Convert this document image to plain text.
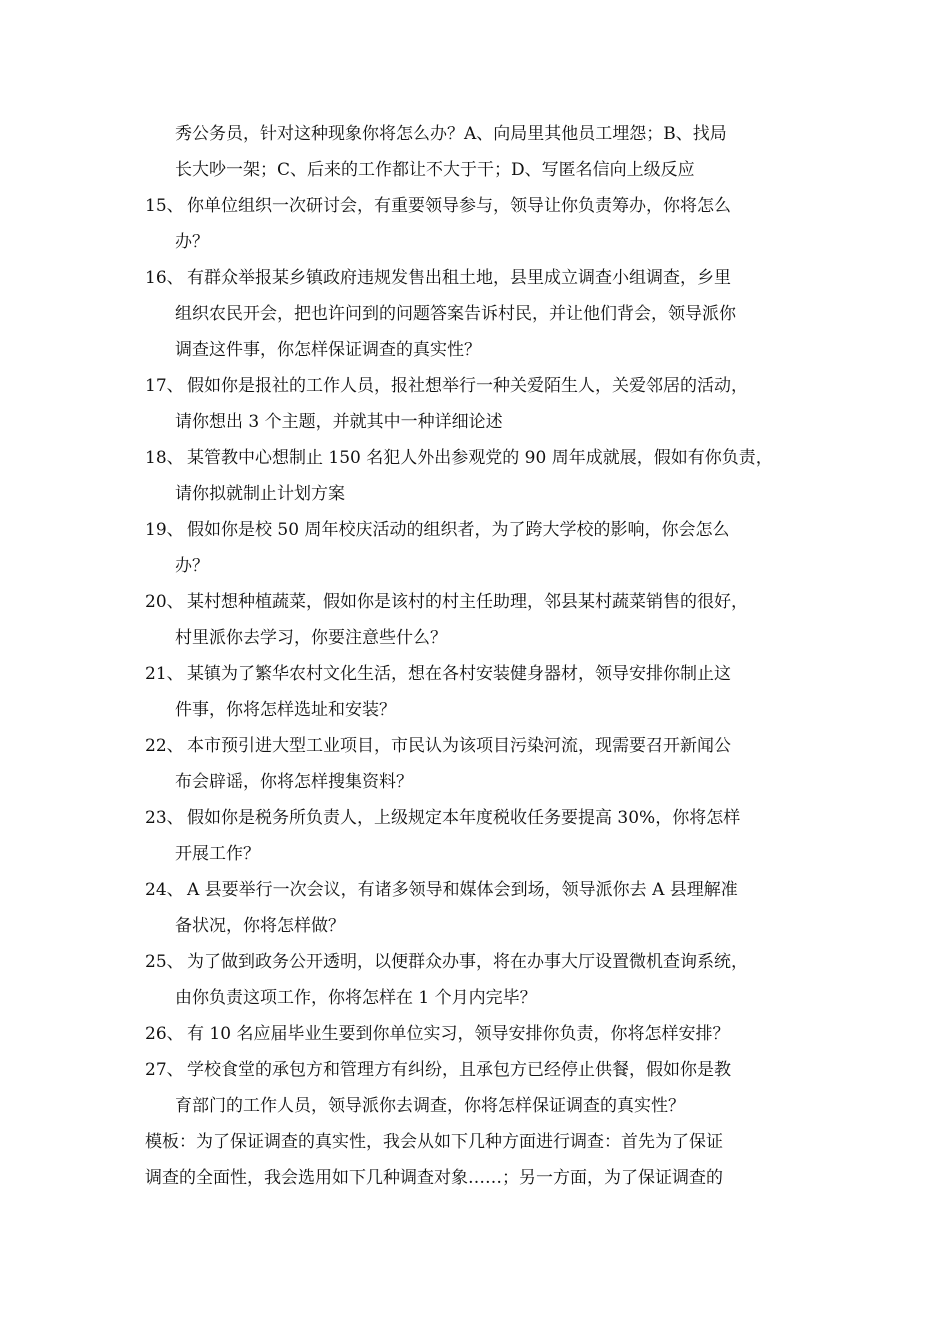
秀公务员，针对这种现象你将怎么办？A、向局里其他员工埋怨；B、找局
长大吵一架；C、后来的工作都让不大于干；D、写匿名信向上级反应
15、 你单位组织一次研讨会，有重要领导参与，领导让你负责筹办，你将怎么
办？
16、 有群众举报某乡镇政府违规发售出租土地，县里成立调查小组调查，乡里
组织农民开会，把也许问到的问题答案告诉村民，并让他们背会，领导派你
调查这件事，你怎样保证调查的真实性？
17、 假如你是报社的工作人员，报社想举行一种关爱陌生人，关爱邻居的活动，
请你想出 3 个主题，并就其中一种详细论述
18、 某管教中心想制止 150 名犯人外出参观党的 90 周年成就展，假如有你负责，
请你拟就制止计划方案
19、 假如你是校 50 周年校庆活动的组织者，为了跨大学校的影响，你会怎么
办？
20、 某村想种植蔬菜，假如你是该村的村主任助理，邻县某村蔬菜销售的很好，
村里派你去学习，你要注意些什么？
21、 某镇为了繁华农村文化生活，想在各村安装健身器材，领导安排你制止这
件事，你将怎样选址和安装？
22、 本市预引进大型工业项目，市民认为该项目污染河流，现需要召开新闻公
布会辟谣，你将怎样搜集资料？
23、 假如你是税务所负责人，上级规定本年度税收任务要提高 30%，你将怎样
开展工作？
24、 A 县要举行一次会议，有诸多领导和媒体会到场，领导派你去 A 县理解准
备状况，你将怎样做？
25、 为了做到政务公开透明，以便群众办事，将在办事大厅设置微机查询系统，
由你负责这项工作，你将怎样在 1 个月内完毕？
26、 有 10 名应届毕业生要到你单位实习，领导安排你负责，你将怎样安排？
27、 学校食堂的承包方和管理方有纠纷，且承包方已经停止供餐，假如你是教
育部门的工作人员，领导派你去调查，你将怎样保证调查的真实性？
模板：为了保证调查的真实性，我会从如下几种方面进行调查：首先为了保证
调查的全面性，我会选用如下几种调查对象……；另一方面，为了保证调查的
